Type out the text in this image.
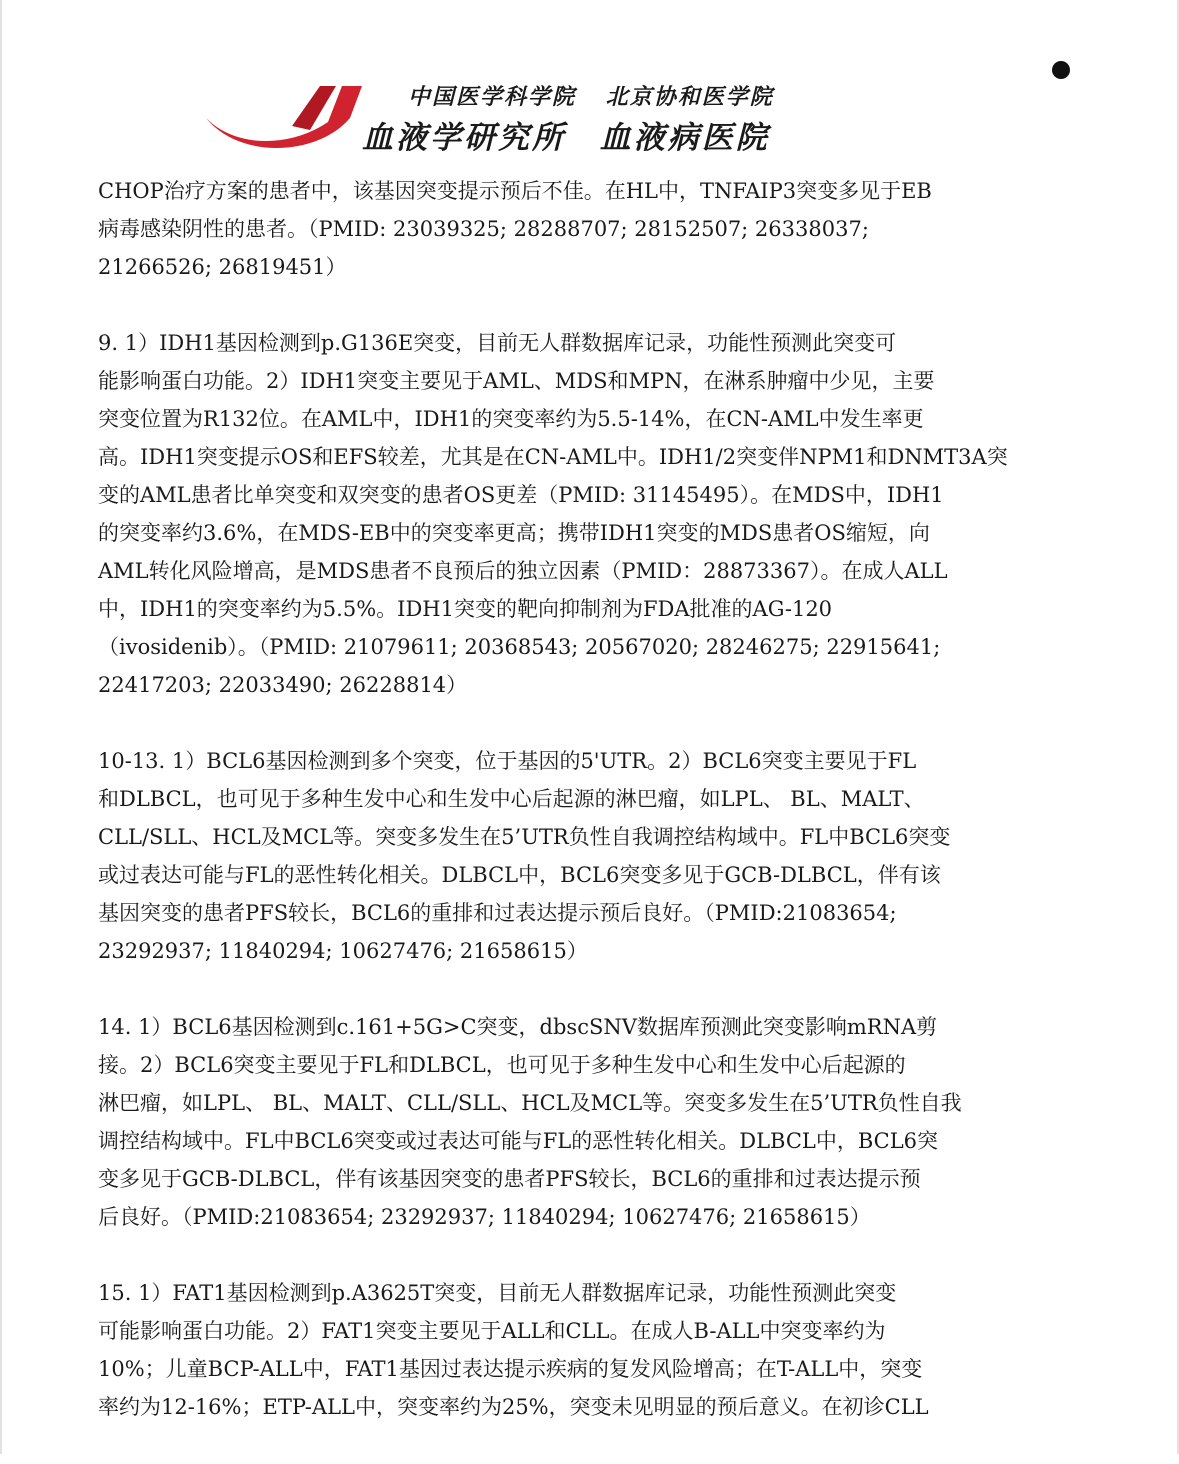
中国医学科学院 北京协和医学院
血液学研究所 血液病医院
CHOP治疗方案的患者中，该基因突变提示预后不佳。在HL中，TNFAIP3突变多见于EB
病毒感染阴性的患者。（PMID: 23039325; 28288707; 28152507; 26338037;
21266526; 26819451）
9. 1）IDH1基因检测到p.G136E突变，目前无人群数据库记录，功能性预测此突变可
能影响蛋白功能。2）IDH1突变主要见于AML、MDS和MPN，在淋系肿瘤中少见，主要
突变位置为R132位。在AML中，IDH1的突变率约为5.5-14%，在CN-AML中发生率更
高。IDH1突变提示OS和EFS较差，尤其是在CN-AML中。IDH1/2突变伴NPM1和DNMT3A突
变的AML患者比单突变和双突变的患者OS更差（PMID: 31145495）。在MDS中，IDH1
的突变率约3.6%，在MDS-EB中的突变率更高；携带IDH1突变的MDS患者OS缩短，向
AML转化风险增高，是MDS患者不良预后的独立因素（PMID：28873367）。在成人ALL
中，IDH1的突变率约为5.5%。IDH1突变的靶向抑制剂为FDA批准的AG-120
（ivosidenib）。（PMID: 21079611; 20368543; 20567020; 28246275; 22915641;
22417203; 22033490; 26228814）
10-13. 1）BCL6基因检测到多个突变，位于基因的5'UTR。2）BCL6突变主要见于FL
和DLBCL，也可见于多种生发中心和生发中心后起源的淋巴瘤，如LPL、 BL、MALT、
CLL/SLL、HCL及MCL等。突变多发生在5’UTR负性自我调控结构域中。FL中BCL6突变
或过表达可能与FL的恶性转化相关。DLBCL中，BCL6突变多见于GCB-DLBCL，伴有该
基因突变的患者PFS较长，BCL6的重排和过表达提示预后良好。（PMID:21083654;
23292937; 11840294; 10627476; 21658615）
14. 1）BCL6基因检测到c.161+5G>C突变，dbscSNV数据库预测此突变影响mRNA剪
接。2）BCL6突变主要见于FL和DLBCL，也可见于多种生发中心和生发中心后起源的
淋巴瘤，如LPL、 BL、MALT、CLL/SLL、HCL及MCL等。突变多发生在5’UTR负性自我
调控结构域中。FL中BCL6突变或过表达可能与FL的恶性转化相关。DLBCL中，BCL6突
变多见于GCB-DLBCL，伴有该基因突变的患者PFS较长，BCL6的重排和过表达提示预
后良好。（PMID:21083654; 23292937; 11840294; 10627476; 21658615）
15. 1）FAT1基因检测到p.A3625T突变，目前无人群数据库记录，功能性预测此突变
可能影响蛋白功能。2）FAT1突变主要见于ALL和CLL。在成人B-ALL中突变率约为
10%；儿童BCP-ALL中，FAT1基因过表达提示疾病的复发风险增高；在T-ALL中，突变
率约为12-16%；ETP-ALL中，突变率约为25%，突变未见明显的预后意义。在初诊CLL
